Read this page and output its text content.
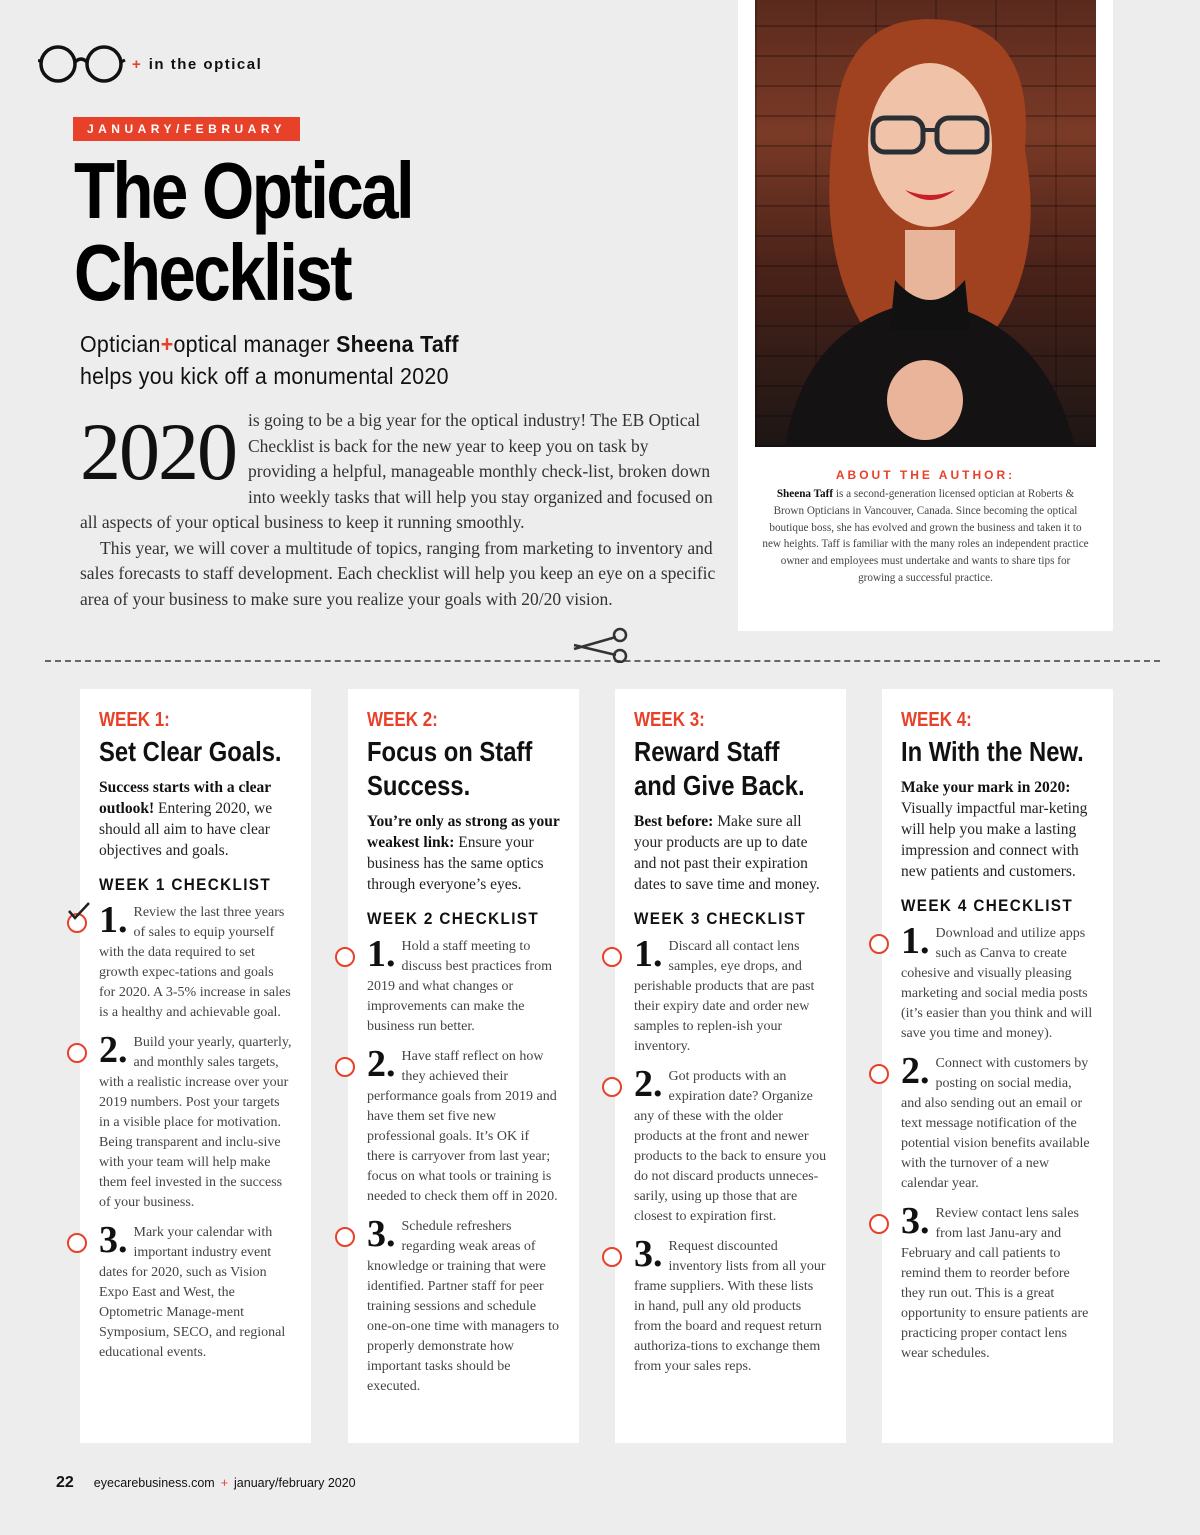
+ in the optical
JANUARY/FEBRUARY
The Optical
Checklist
Optician+optical manager Sheena Taff
helps you kick off a monumental 2020

2020 is going to be a big year for the optical industry! The EB Optical Checklist is back for the new year to keep you on task by providing a helpful, manageable monthly check-list, broken down into weekly tasks that will help you stay organized and focused on all aspects of your optical business to keep it running smoothly.

This year, we will cover a multitude of topics, ranging from marketing to inventory and sales forecasts to staff development. Each checklist will help you keep an eye on a specific area of your business to make sure you realize your goals with 20/20 vision.

ABOUT THE AUTHOR:
Sheena Taff is a second-generation licensed optician at Roberts & Brown Opticians in Vancouver, Canada. Since becoming the optical boutique boss, she has evolved and grown the business and taken it to new heights. Taff is familiar with the many roles an independent practice owner and employees must undertake and wants to share tips for growing a successful practice.
WEEK 1:
Set Clear Goals.
Success starts with a clear outlook! Entering 2020, we should all aim to have clear objectives and goals.
WEEK 1 CHECKLIST
1 .	Review the last three years of sales to equip yourself with the data required to set growth expec-tations and goals for 2020. A 3-5% increase in sales is a healthy and achievable goal.
2 .	Build your yearly, quarterly, and monthly sales targets, with a realistic increase over your 2019 numbers. Post your targets in a visible place for motivation. Being transparent and inclu-sive with your team will help make them feel invested in the success of your business.
3 .	Mark your calendar with important industry event dates for 2020, such as Vision Expo East and West, the Optometric Manage-ment Symposium, SECO, and regional educational events.
WEEK 2:
Focus on Staff Success.
You’re only as strong as your weakest link: Ensure your business has the same optics through everyone’s eyes.
WEEK 2 CHECKLIST
1 .	Hold a staff meeting to discuss best practices from 2019 and what changes or improvements can make the business run better.
2 .	Have staff reflect on how they achieved their performance goals from 2019 and have them set five new professional goals. It’s OK if there is carryover from last year; focus on what tools or training is needed to check them off in 2020.
3 .	Schedule refreshers regarding weak areas of knowledge or training that were identified. Partner staff for peer training sessions and schedule one-on-one time with managers to properly demonstrate how important tasks should be executed.
WEEK 3:
Reward Staff and Give Back.
Best before: Make sure all your products are up to date and not past their expiration dates to save time and money.
WEEK 3 CHECKLIST
1 .	Discard all contact lens samples, eye drops, and perishable products that are past their expiry date and order new samples to replen-ish your inventory.
2 .	Got products with an expiration date? Organize any of these with the older products at the front and newer products to the back to ensure you do not discard products unneces-sarily, using up those that are closest to expiration first.
3 .	Request discounted inventory lists from all your frame suppliers. With these lists in hand, pull any old products from the board and request return authoriza-tions to exchange them from your sales reps.
WEEK 4:
In With the New.
Make your mark in 2020: Visually impactful mar-keting will help you make a lasting impression and connect with new patients and customers.
WEEK 4 CHECKLIST
1 .	Download and utilize apps such as Canva to create cohesive and visually pleasing marketing and social media posts (it’s easier than you think and will save you time and money).
2 .	Connect with customers by posting on social media, and also sending out an email or text message notification of the potential vision benefits available with the turnover of a new calendar year.
3 .	Review contact lens sales from last Janu-ary and February and call patients to remind them to reorder before they run out. This is a great opportunity to ensure patients are practicing proper contact lens wear schedules.
22 eyecarebusiness.com + january/february 2020
